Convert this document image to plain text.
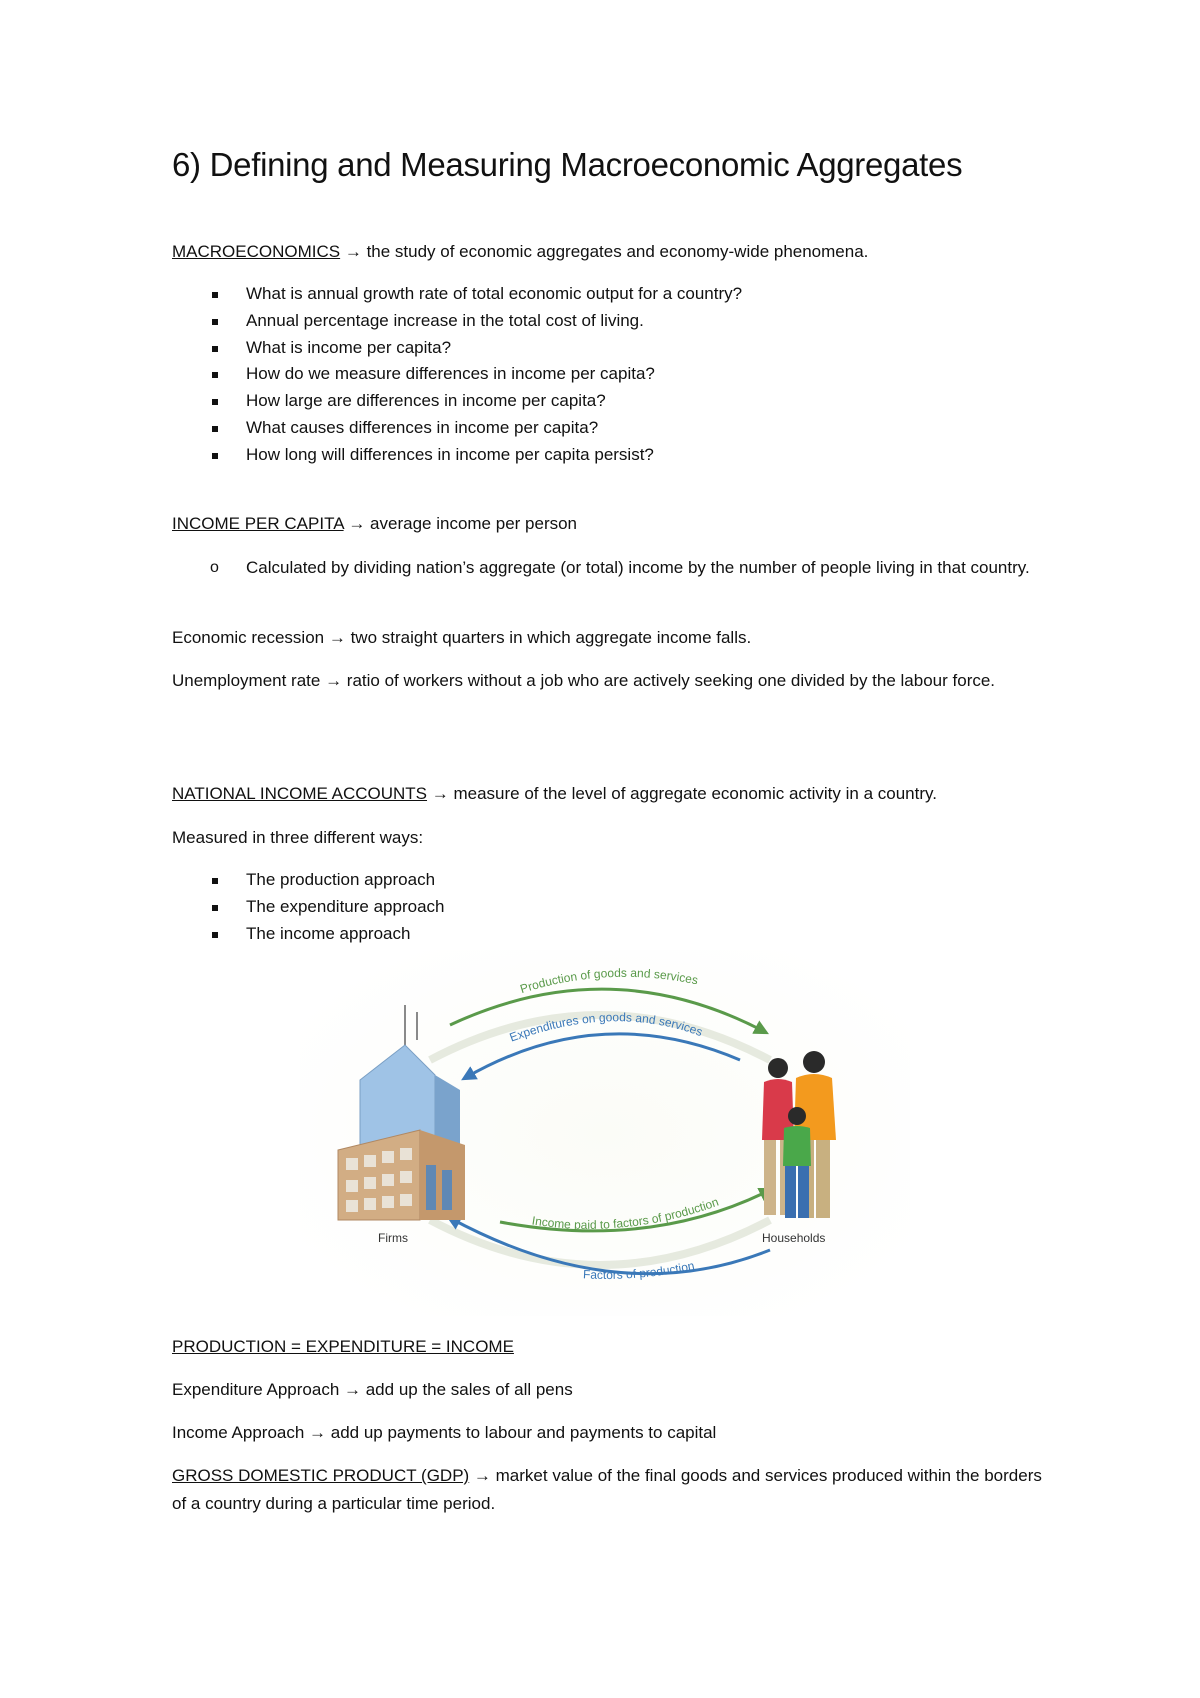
6) Defining and Measuring Macroeconomic Aggregates

MACROECONOMICS → the study of economic aggregates and economy-wide phenomena.

What is annual growth rate of total economic output for a country?
Annual percentage increase in the total cost of living.
What is income per capita?
How do we measure differences in income per capita?
How large are differences in income per capita?
What causes differences in income per capita?
How long will differences in income per capita persist?

INCOME PER CAPITA → average income per person

o Calculated by dividing nation’s aggregate (or total) income by the number of people living in that country.

Economic recession → two straight quarters in which aggregate income falls.

Unemployment rate → ratio of workers without a job who are actively seeking one divided by the labour force.

NATIONAL INCOME ACCOUNTS → measure of the level of aggregate economic activity in a country.

Measured in three different ways:

The production approach
The expenditure approach
The income approach
Production of goods and services
Expenditures on goods and services
Income paid to factors of production
Factors of production
Firms	Households

PRODUCTION = EXPENDITURE = INCOME

Expenditure Approach → add up the sales of all pens

Income Approach → add up payments to labour and payments to capital

GROSS DOMESTIC PRODUCT (GDP) → market value of the final goods and services produced within the borders of a country during a particular time period.
